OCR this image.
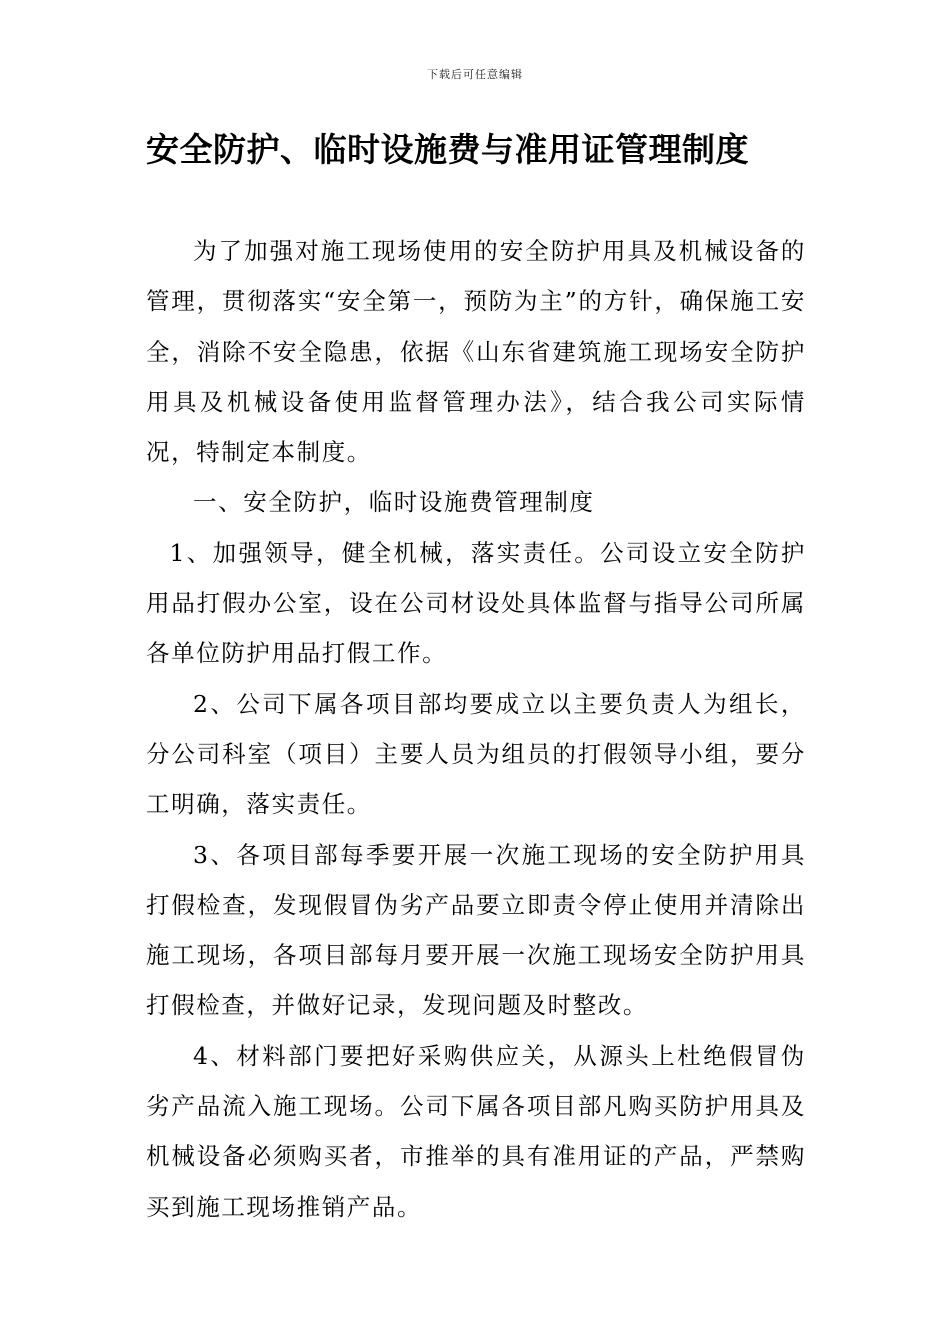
下载后可任意编辑
安全防护、临时设施费与准用证管理制度

为了加强对施工现场使用的安全防护用具及机械设备的管理，贯彻落实“安全第一，预防为主”的方针，确保施工安全，消除不安全隐患，依据《山东省建筑施工现场安全防护用具及机械设备使用监督管理办法》，结合我公司实际情况，特制定本制度。

一、安全防护，临时设施费管理制度

1、加强领导，健全机械，落实责任。公司设立安全防护用品打假办公室，设在公司材设处具体监督与指导公司所属各单位防护用品打假工作。

2、公司下属各项目部均要成立以主要负责人为组长，分公司科室（项目）主要人员为组员的打假领导小组，要分工明确，落实责任。

3、各项目部每季要开展一次施工现场的安全防护用具打假检查，发现假冒伪劣产品要立即责令停止使用并清除出施工现场，各项目部每月要开展一次施工现场安全防护用具打假检查，并做好记录，发现问题及时整改。

4、材料部门要把好采购供应关，从源头上杜绝假冒伪劣产品流入施工现场。公司下属各项目部凡购买防护用具及机械设备必须购买者，市推举的具有准用证的产品，严禁购买到施工现场推销产品。
